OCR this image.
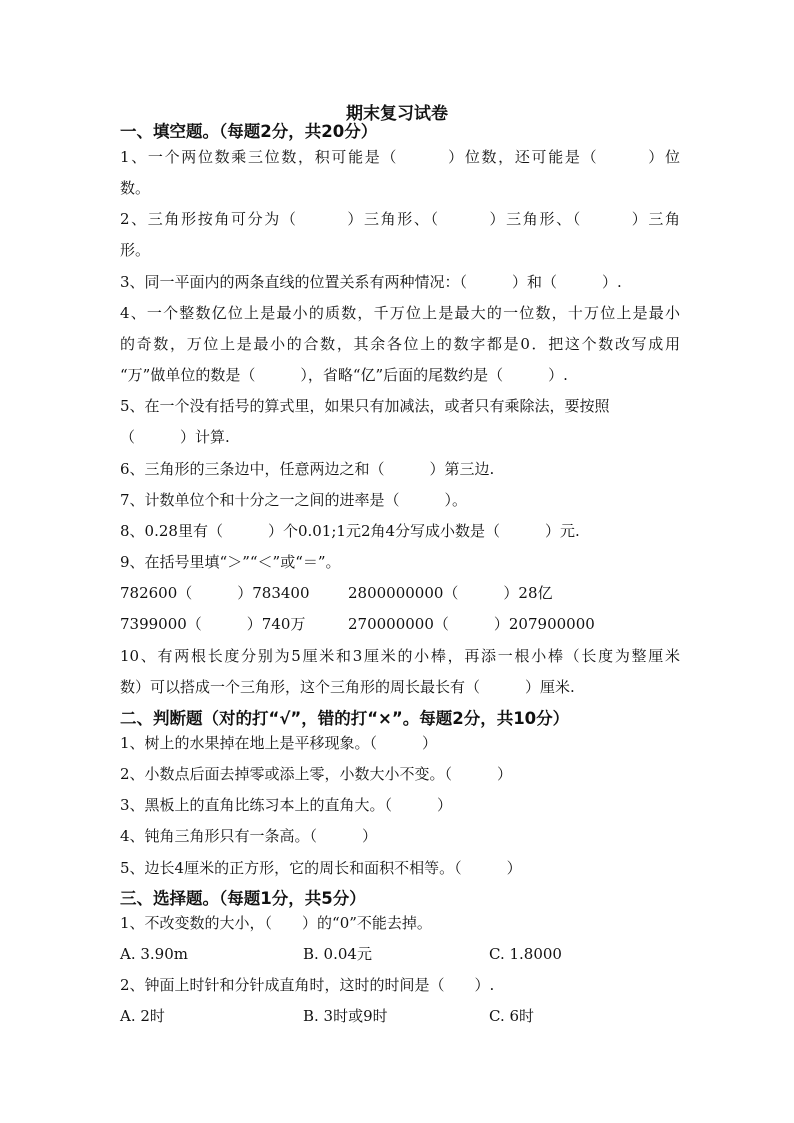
期末复习试卷
一、填空题。（每题2分，共20分）
1、一个两位数乘三位数，积可能是（　　　）位数，还可能是（　　　）位
数。
2、三角形按角可分为（　　　）三角形、（　　　）三角形、（　　　）三角
形。
3、同一平面内的两条直线的位置关系有两种情况：（　　　）和（　　　）.
4、一个整数亿位上是最小的质数，千万位上是最大的一位数，十万位上是最小
的奇数，万位上是最小的合数，其余各位上的数字都是0．把这个数改写成用
“万”做单位的数是（　　　），省略“亿”后面的尾数约是（　　　）.
5、在一个没有括号的算式里，如果只有加减法，或者只有乘除法，要按照
（　　　）计算.
6、三角形的三条边中，任意两边之和（　　　）第三边.
7、计数单位个和十分之一之间的进率是（　　　）。
8、0.28里有（　　　）个0.01;1元2角4分写成小数是（　　　）元.
9、在括号里填“＞”“＜”或“＝”。
782600（　　　）783400	2800000000（　　　）28亿
7399000（　　　）740万	270000000（　　　）207900000
10、有两根长度分别为5厘米和3厘米的小棒，再添一根小棒（长度为整厘米
数）可以搭成一个三角形，这个三角形的周长最长有（　　　）厘米.
二、判断题（对的打“√”，错的打“×”。每题2分，共10分）
1、树上的水果掉在地上是平移现象。（　　　）
2、小数点后面去掉零或添上零，小数大小不变。（　　　）
3、黑板上的直角比练习本上的直角大。（　　　）
4、钝角三角形只有一条高。（　　　）
5、边长4厘米的正方形，它的周长和面积不相等。（　　　）
三、选择题。（每题1分，共5分）
1、不改变数的大小，（　　）的“0”不能去掉。
A. 3.90m	B. 0.04元	C. 1.8000
2、钟面上时针和分针成直角时，这时的时间是（　　）.
A. 2时	B. 3时或9时	C. 6时
